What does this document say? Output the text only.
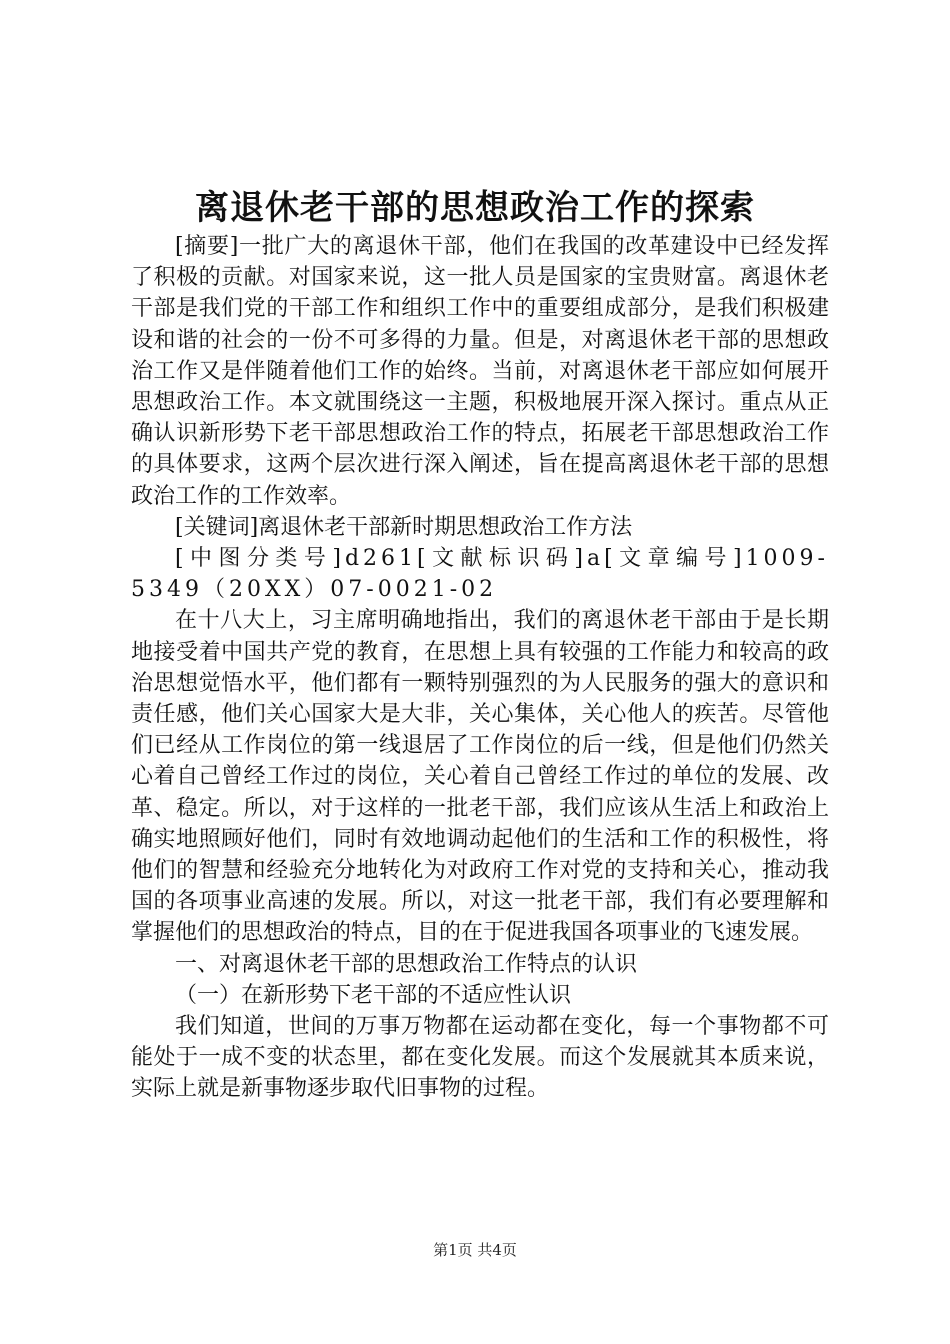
离退休老干部的思想政治工作的探索

[摘要]一批广大的离退休干部，他们在我国的改革建设中已经发挥了积极的贡献。对国家来说，这一批人员是国家的宝贵财富。离退休老干部是我们党的干部工作和组织工作中的重要组成部分，是我们积极建设和谐的社会的一份不可多得的力量。但是，对离退休老干部的思想政治工作又是伴随着他们工作的始终。当前，对离退休老干部应如何展开思想政治工作。本文就围绕这一主题，积极地展开深入探讨。重点从正确认识新形势下老干部思想政治工作的特点，拓展老干部思想政治工作的具体要求，这两个层次进行深入阐述，旨在提高离退休老干部的思想政治工作的工作效率。

[关键词]离退休老干部新时期思想政治工作方法

[中图分类号]d261[文献标识码]a[文章编号]1009-5349（20XX）07-0021-02

在十八大上，习主席明确地指出，我们的离退休老干部由于是长期地接受着中国共产党的教育，在思想上具有较强的工作能力和较高的政治思想觉悟水平，他们都有一颗特别强烈的为人民服务的强大的意识和责任感，他们关心国家大是大非，关心集体，关心他人的疾苦。尽管他们已经从工作岗位的第一线退居了工作岗位的后一线，但是他们仍然关心着自己曾经工作过的岗位，关心着自己曾经工作过的单位的发展、改革、稳定。所以，对于这样的一批老干部，我们应该从生活上和政治上确实地照顾好他们，同时有效地调动起他们的生活和工作的积极性，将他们的智慧和经验充分地转化为对政府工作对党的支持和关心，推动我国的各项事业高速的发展。所以，对这一批老干部，我们有必要理解和掌握他们的思想政治的特点，目的在于促进我国各项事业的飞速发展。

一、对离退休老干部的思想政治工作特点的认识

（一）在新形势下老干部的不适应性认识

我们知道，世间的万事万物都在运动都在变化，每一个事物都不可能处于一成不变的状态里，都在变化发展。而这个发展就其本质来说，实际上就是新事物逐步取代旧事物的过程。

第1页 共4页
